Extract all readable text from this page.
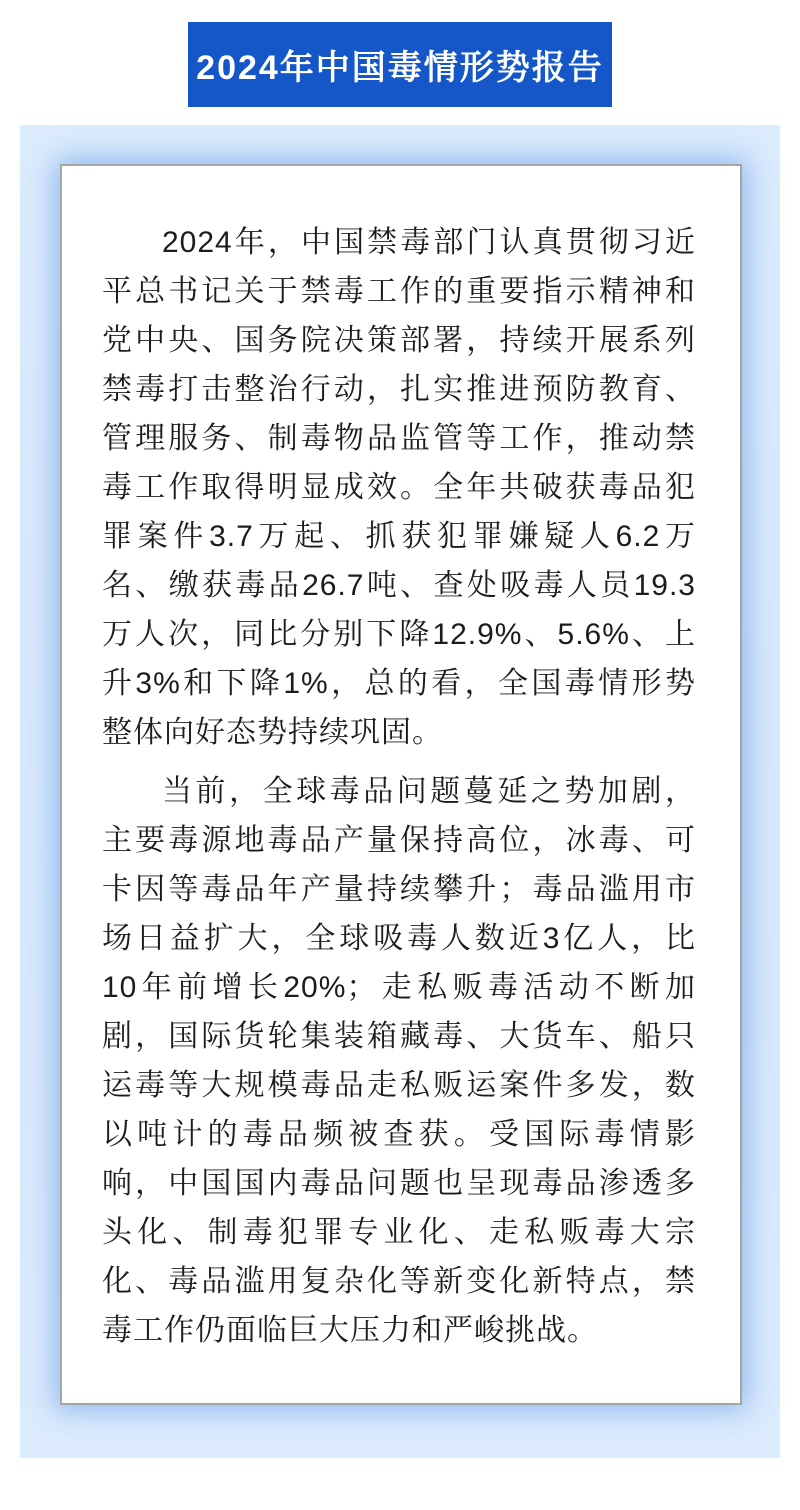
2024年中国毒情形势报告
2024年，中国禁毒部门认真贯彻习近
平总书记关于禁毒工作的重要指示精神和
党中央、国务院决策部署，持续开展系列
禁毒打击整治行动，扎实推进预防教育、
管理服务、制毒物品监管等工作，推动禁
毒工作取得明显成效。全年共破获毒品犯
罪案件3.7万起、抓获犯罪嫌疑人6.2万
名、缴获毒品26.7吨、查处吸毒人员19.3
万人次，同比分别下降12.9%、5.6%、上
升3%和下降1%，总的看，全国毒情形势
整体向好态势持续巩固。
当前，全球毒品问题蔓延之势加剧，
主要毒源地毒品产量保持高位，冰毒、可
卡因等毒品年产量持续攀升；毒品滥用市
场日益扩大，全球吸毒人数近3亿人，比
10年前增长20%；走私贩毒活动不断加
剧，国际货轮集装箱藏毒、大货车、船只
运毒等大规模毒品走私贩运案件多发，数
以吨计的毒品频被查获。受国际毒情影
响，中国国内毒品问题也呈现毒品渗透多
头化、制毒犯罪专业化、走私贩毒大宗
化、毒品滥用复杂化等新变化新特点，禁
毒工作仍面临巨大压力和严峻挑战。
